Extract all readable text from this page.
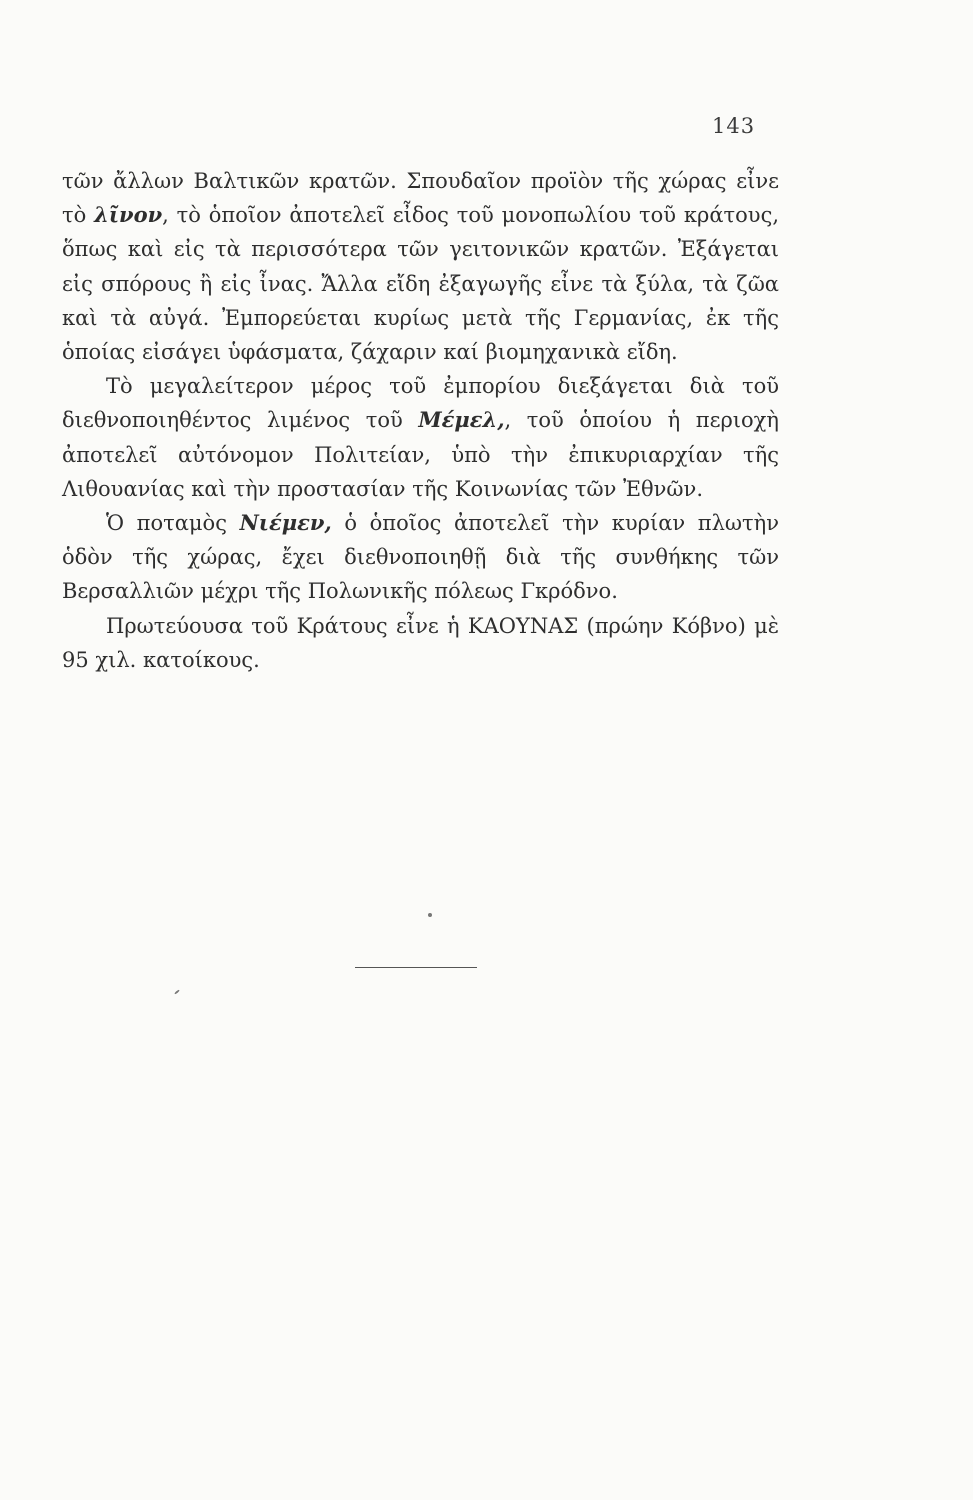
143

τῶν ἄλλων Βαλτικῶν κρατῶν. Σπουδαῖον προϊὸν τῆς χώρας εἶνε τὸ λῖνον, τὸ ὁποῖον ἀποτελεῖ εἶδος τοῦ μονοπωλίου τοῦ κράτους, ὅπως καὶ εἰς τὰ περισσότερα τῶν γειτονικῶν κρατῶν. Ἐξάγεται εἰς σπόρους ἢ εἰς ἶνας. Ἄλλα εἴδη ἐξαγωγῆς εἶνε τὰ ξύλα, τὰ ζῶα καὶ τὰ αὐγά. Ἐμπορεύεται κυρίως μετὰ τῆς Γερμανίας, ἐκ τῆς ὁποίας εἰσάγει ὑφάσματα, ζάχαριν καί βιομηχανικὰ εἴδη.

Τὸ μεγαλείτερον μέρος τοῦ ἐμπορίου διεξάγεται διὰ τοῦ διεθνοποιηθέντος λιμένος τοῦ Μέμελ,, τοῦ ὁποίου ἡ περιοχὴ ἀποτελεῖ αὐτόνομον Πολιτείαν, ὑπὸ τὴν ἐπικυριαρχίαν τῆς Λιθουανίας καὶ τὴν προστασίαν τῆς Κοινωνίας τῶν Ἐθνῶν.

Ὁ ποταμὸς Νιέμεν, ὁ ὁποῖος ἀποτελεῖ τὴν κυρίαν πλωτὴν ὁδὸν τῆς χώρας, ἔχει διεθνοποιηθῇ διὰ τῆς συνθήκης τῶν Βερσαλλιῶν μέχρι τῆς Πολωνικῆς πόλεως Γκρόδνο.

Πρωτεύουσα τοῦ Κράτους εἶνε ἡ ΚΑΟΥΝΑΣ (πρώην Κόβνο) μὲ 95 χιλ. κατοίκους.
